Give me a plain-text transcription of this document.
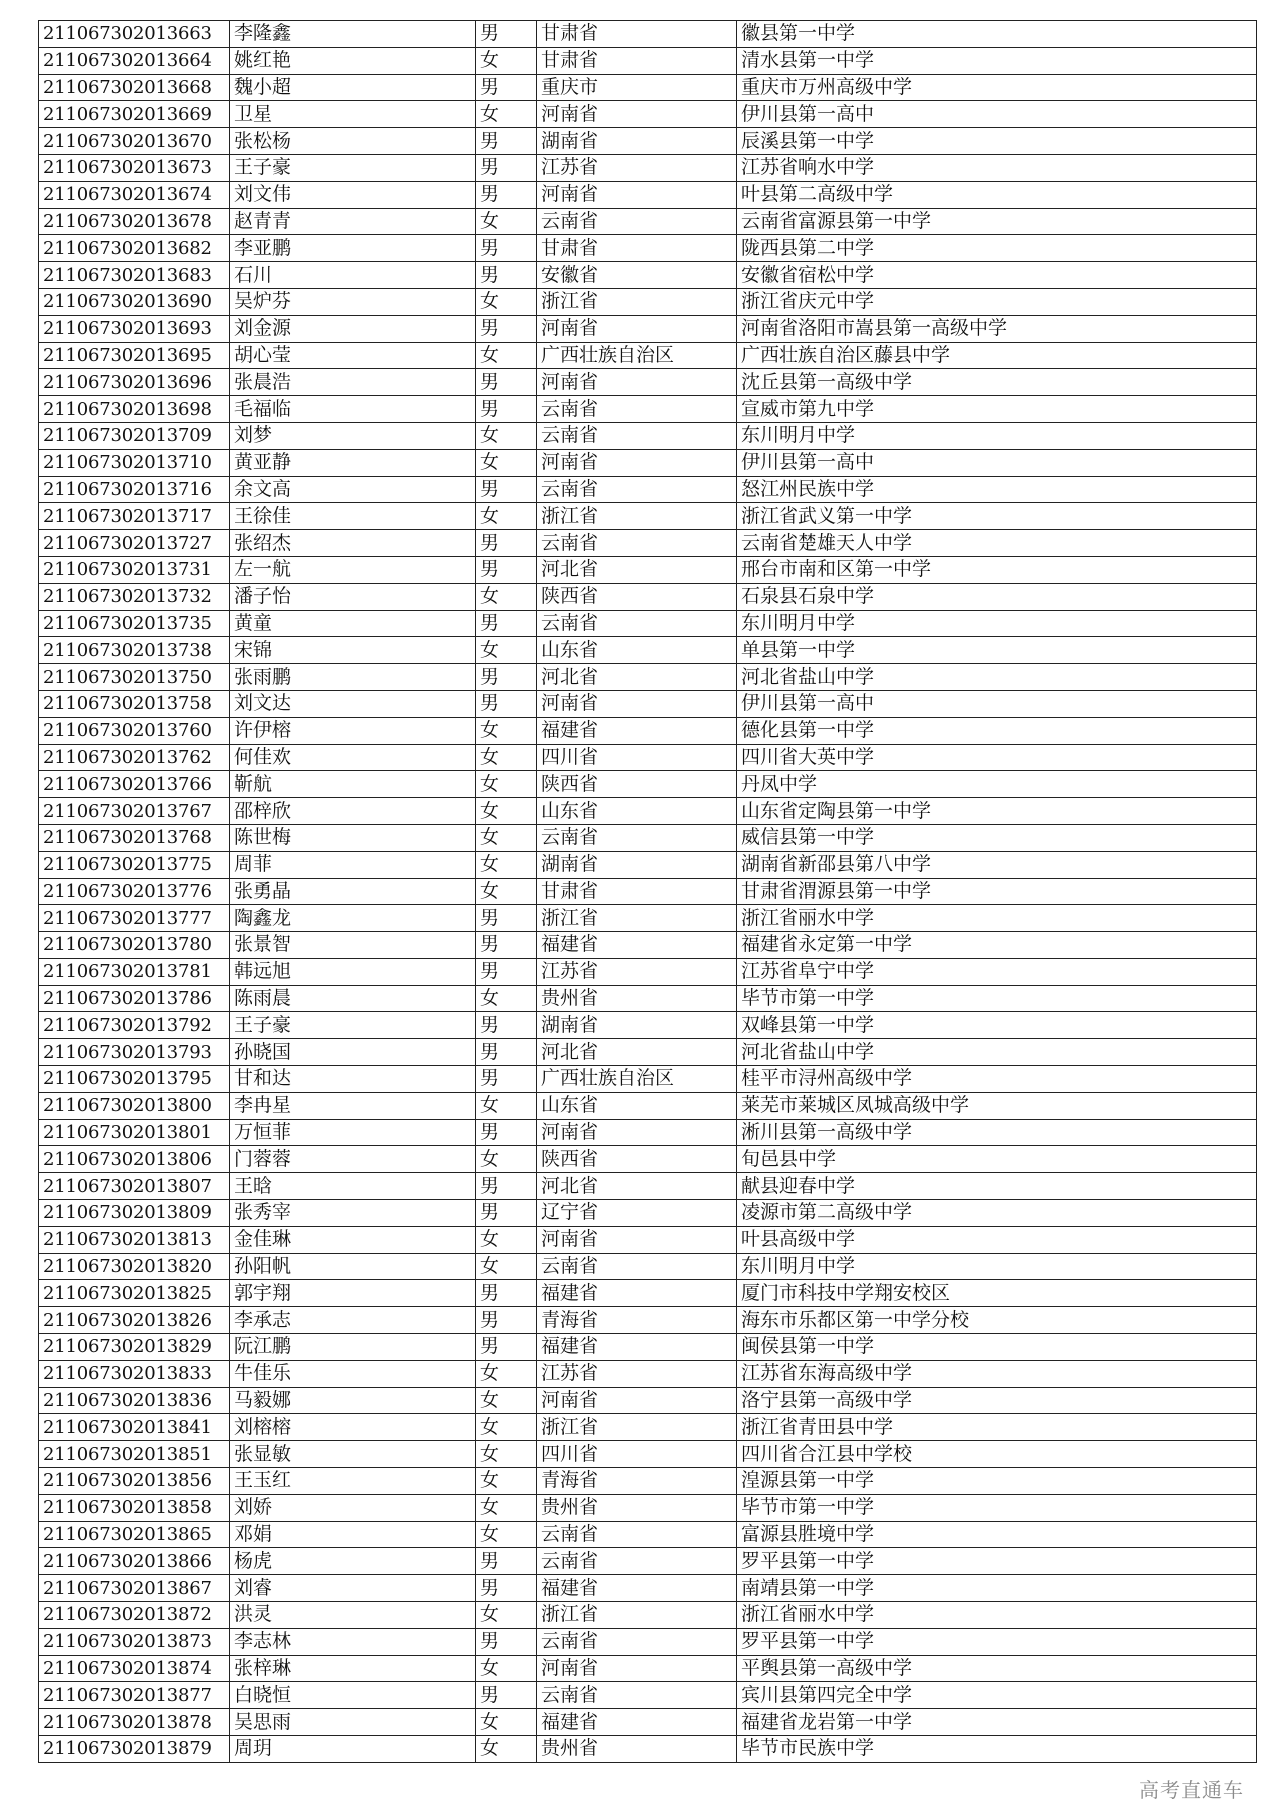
211067302013663	李隆鑫	男	甘肃省	徽县第一中学
211067302013664	姚红艳	女	甘肃省	清水县第一中学
211067302013668	魏小超	男	重庆市	重庆市万州高级中学
211067302013669	卫星	女	河南省	伊川县第一高中
211067302013670	张松杨	男	湖南省	辰溪县第一中学
211067302013673	王子豪	男	江苏省	江苏省响水中学
211067302013674	刘文伟	男	河南省	叶县第二高级中学
211067302013678	赵青青	女	云南省	云南省富源县第一中学
211067302013682	李亚鹏	男	甘肃省	陇西县第二中学
211067302013683	石川	男	安徽省	安徽省宿松中学
211067302013690	吴炉芬	女	浙江省	浙江省庆元中学
211067302013693	刘金源	男	河南省	河南省洛阳市嵩县第一高级中学
211067302013695	胡心莹	女	广西壮族自治区	广西壮族自治区藤县中学
211067302013696	张晨浩	男	河南省	沈丘县第一高级中学
211067302013698	毛福临	男	云南省	宣威市第九中学
211067302013709	刘梦	女	云南省	东川明月中学
211067302013710	黄亚静	女	河南省	伊川县第一高中
211067302013716	余文高	男	云南省	怒江州民族中学
211067302013717	王徐佳	女	浙江省	浙江省武义第一中学
211067302013727	张绍杰	男	云南省	云南省楚雄天人中学
211067302013731	左一航	男	河北省	邢台市南和区第一中学
211067302013732	潘子怡	女	陕西省	石泉县石泉中学
211067302013735	黄童	男	云南省	东川明月中学
211067302013738	宋锦	女	山东省	单县第一中学
211067302013750	张雨鹏	男	河北省	河北省盐山中学
211067302013758	刘文达	男	河南省	伊川县第一高中
211067302013760	许伊榕	女	福建省	德化县第一中学
211067302013762	何佳欢	女	四川省	四川省大英中学
211067302013766	靳航	女	陕西省	丹凤中学
211067302013767	邵梓欣	女	山东省	山东省定陶县第一中学
211067302013768	陈世梅	女	云南省	威信县第一中学
211067302013775	周菲	女	湖南省	湖南省新邵县第八中学
211067302013776	张勇晶	女	甘肃省	甘肃省渭源县第一中学
211067302013777	陶鑫龙	男	浙江省	浙江省丽水中学
211067302013780	张景智	男	福建省	福建省永定第一中学
211067302013781	韩远旭	男	江苏省	江苏省阜宁中学
211067302013786	陈雨晨	女	贵州省	毕节市第一中学
211067302013792	王子豪	男	湖南省	双峰县第一中学
211067302013793	孙晓国	男	河北省	河北省盐山中学
211067302013795	甘和达	男	广西壮族自治区	桂平市浔州高级中学
211067302013800	李冉星	女	山东省	莱芜市莱城区凤城高级中学
211067302013801	万恒菲	男	河南省	淅川县第一高级中学
211067302013806	门蓉蓉	女	陕西省	旬邑县中学
211067302013807	王晗	男	河北省	献县迎春中学
211067302013809	张秀宰	男	辽宁省	凌源市第二高级中学
211067302013813	金佳琳	女	河南省	叶县高级中学
211067302013820	孙阳帆	女	云南省	东川明月中学
211067302013825	郭宇翔	男	福建省	厦门市科技中学翔安校区
211067302013826	李承志	男	青海省	海东市乐都区第一中学分校
211067302013829	阮江鹏	男	福建省	闽侯县第一中学
211067302013833	牛佳乐	女	江苏省	江苏省东海高级中学
211067302013836	马毅娜	女	河南省	洛宁县第一高级中学
211067302013841	刘榕榕	女	浙江省	浙江省青田县中学
211067302013851	张显敏	女	四川省	四川省合江县中学校
211067302013856	王玉红	女	青海省	湟源县第一中学
211067302013858	刘娇	女	贵州省	毕节市第一中学
211067302013865	邓娟	女	云南省	富源县胜境中学
211067302013866	杨虎	男	云南省	罗平县第一中学
211067302013867	刘睿	男	福建省	南靖县第一中学
211067302013872	洪灵	女	浙江省	浙江省丽水中学
211067302013873	李志林	男	云南省	罗平县第一中学
211067302013874	张梓琳	女	河南省	平舆县第一高级中学
211067302013877	白晓恒	男	云南省	宾川县第四完全中学
211067302013878	吴思雨	女	福建省	福建省龙岩第一中学
211067302013879	周玥	女	贵州省	毕节市民族中学
高考直通车
